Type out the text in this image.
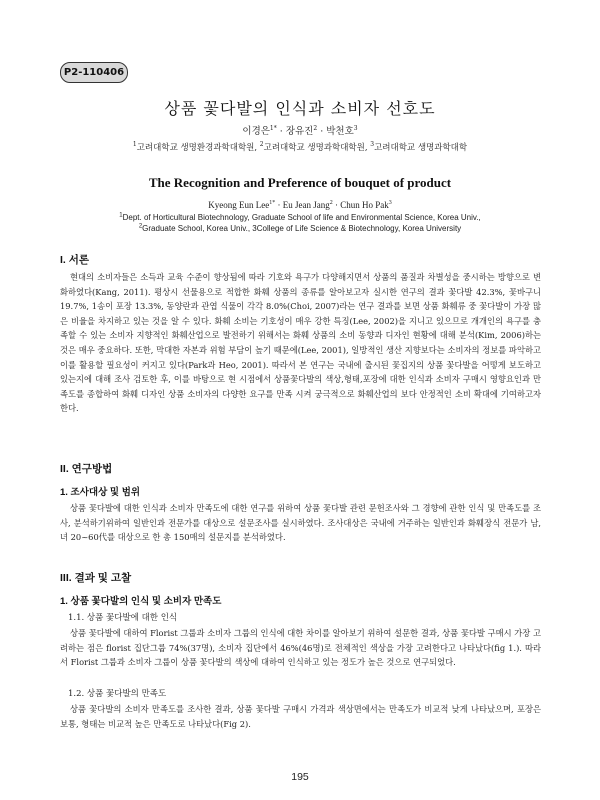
P2-110406
상품 꽃다발의 인식과 소비자 선호도
이경은$^{1*}$ · 장유진$^2$ · 박천호$^3$
$^1$고려대학교 생명환경과학대학원, $^2$고려대학교 생명과학대학원, $^3$고려대학교 생명과학대학
The Recognition and Preference of bouquet of product
Kyeong Eun Lee$^{1*}$ · Eu Jean Jang$^2$ · Chun Ho Pak$^3$
$^1$Dept. of Horticultural Biotechnology, Graduate School of life and Environmental Science, Korea Univ.,
$^2$Graduate School, Korea Univ., 3College of Life Science & Biotechnology, Korea University
I. 서론

현대의 소비자들은 소득과 교육 수준이 향상됨에 따라 기호와 욕구가 다양해지면서 상품의 품질과 차별성을 중시하는 방향으로 변화하였다(Kang, 2011). 평상시 선물용으로 적합한 화훼 상품의 종류를 알아보고자 실시한 연구의 결과 꽃다발 42.3%, 꽃바구니 19.7%, 1송이 포장 13.3%, 동양란과 관엽 식물이 각각 8.0%(Choi, 2007)라는 연구 결과를 보면 상품 화훼류 중 꽃다발이 가장 많은 비율을 차지하고 있는 것을 알 수 있다. 화훼 소비는 기호성이 매우 강한 특징(Lee, 2002)을 지니고 있으므로 개개인의 욕구를 충족할 수 있는 소비자 지향적인 화훼산업으로 발전하기 위해서는 화훼 상품의 소비 동향과 디자인 현황에 대해 분석(Kim, 2006)하는 것은 매우 중요하다. 또한, 막대한 자본과 위험 부담이 높기 때문에(Lee, 2001), 일방적인 생산 지향보다는 소비자의 정보를 파악하고 이를 활용할 필요성이 커지고 있다(Park과 Heo, 2001). 따라서 본 연구는 국내에 출시된 꽃집지의 상품 꽃다발을 어떻게 보도하고 있는지에 대해 조사 검토한 후, 이를 바탕으로 현 시점에서 상품꽃다발의 색상,형태,포장에 대한 인식과 소비자 구매시 영향요인과 만족도를 종합하여 화훼 디자인 상품 소비자의 다양한 요구를 만족 시켜 궁극적으로 화훼산업의 보다 안정적인 소비 확대에 기여하고자 한다.

II. 연구방법
1. 조사대상 및 범위

상품 꽃다발에 대한 인식과 소비자 만족도에 대한 연구를 위하여 상품 꽃다발 관련 문헌조사와 그 경향에 관한 인식 및 만족도를 조사, 분석하기위하여 일반인과 전문가를 대상으로 설문조사를 실시하였다. 조사대상은 국내에 거주하는 일반인과 화훼장식 전문가 남, 녀 20~60代를 대상으로 한 총 150매의 설문지를 분석하였다.

III. 결과 및 고찰
1. 상품 꽃다발의 인식 및 소비자 만족도
1.1. 상품 꽃다발에 대한 인식

상품 꽃다발에 대하여 Florist 그룹과 소비자 그룹의 인식에 대한 차이를 알아보기 위하여 설문한 결과, 상품 꽃다발 구매시 가장 고려하는 점은 florist 집단그룹 74%(37명), 소비자 집단에서 46%(46명)로 전체적인 색상을 가장 고려한다고 나타났다(fig 1.). 따라서 Florist 그룹과 소비자 그룹이 상품 꽃다발의 색상에 대하여 인식하고 있는 정도가 높은 것으로 연구되었다.

1.2. 상품 꽃다발의 만족도

상품 꽃다발의 소비자 만족도를 조사한 결과, 상품 꽃다발 구매시 가격과 색상면에서는 만족도가 비교적 낮게 나타났으며, 포장은 보통, 형태는 비교적 높은 만족도로 나타났다(Fig 2).

195
